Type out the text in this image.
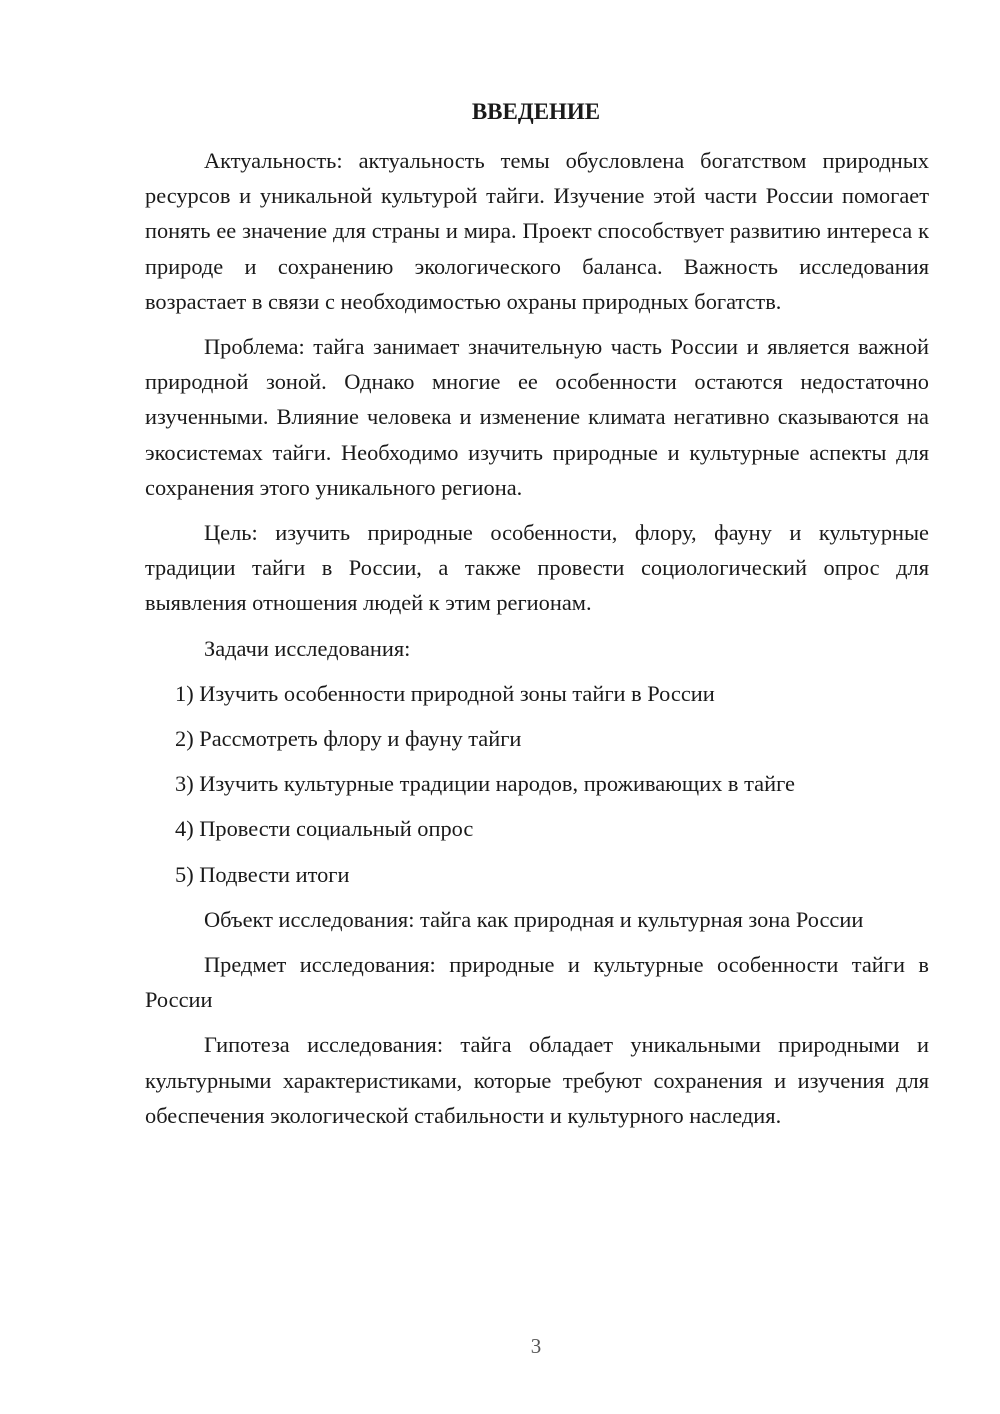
ВВЕДЕНИЕ

Актуальность: актуальность темы обусловлена богатством природных ресурсов и уникальной культурой тайги. Изучение этой части России помогает понять ее значение для страны и мира. Проект способствует развитию интереса к природе и сохранению экологического баланса. Важность исследования возрастает в связи с необходимостью охраны природных богатств.

Проблема: тайга занимает значительную часть России и является важной природной зоной. Однако многие ее особенности остаются недостаточно изученными. Влияние человека и изменение климата негативно сказываются на экосистемах тайги. Необходимо изучить природные и культурные аспекты для сохранения этого уникального региона.

Цель: изучить природные особенности, флору, фауну и культурные традиции тайги в России, а также провести социологический опрос для выявления отношения людей к этим регионам.

Задачи исследования:

1) Изучить особенности природной зоны тайги в России

2) Рассмотреть флору и фауну тайги

3) Изучить культурные традиции народов, проживающих в тайге

4) Провести социальный опрос

5) Подвести итоги

Объект исследования: тайга как природная и культурная зона России

Предмет исследования: природные и культурные особенности тайги в России

Гипотеза исследования: тайга обладает уникальными природными и культурными характеристиками, которые требуют сохранения и изучения для обеспечения экологической стабильности и культурного наследия.

3
